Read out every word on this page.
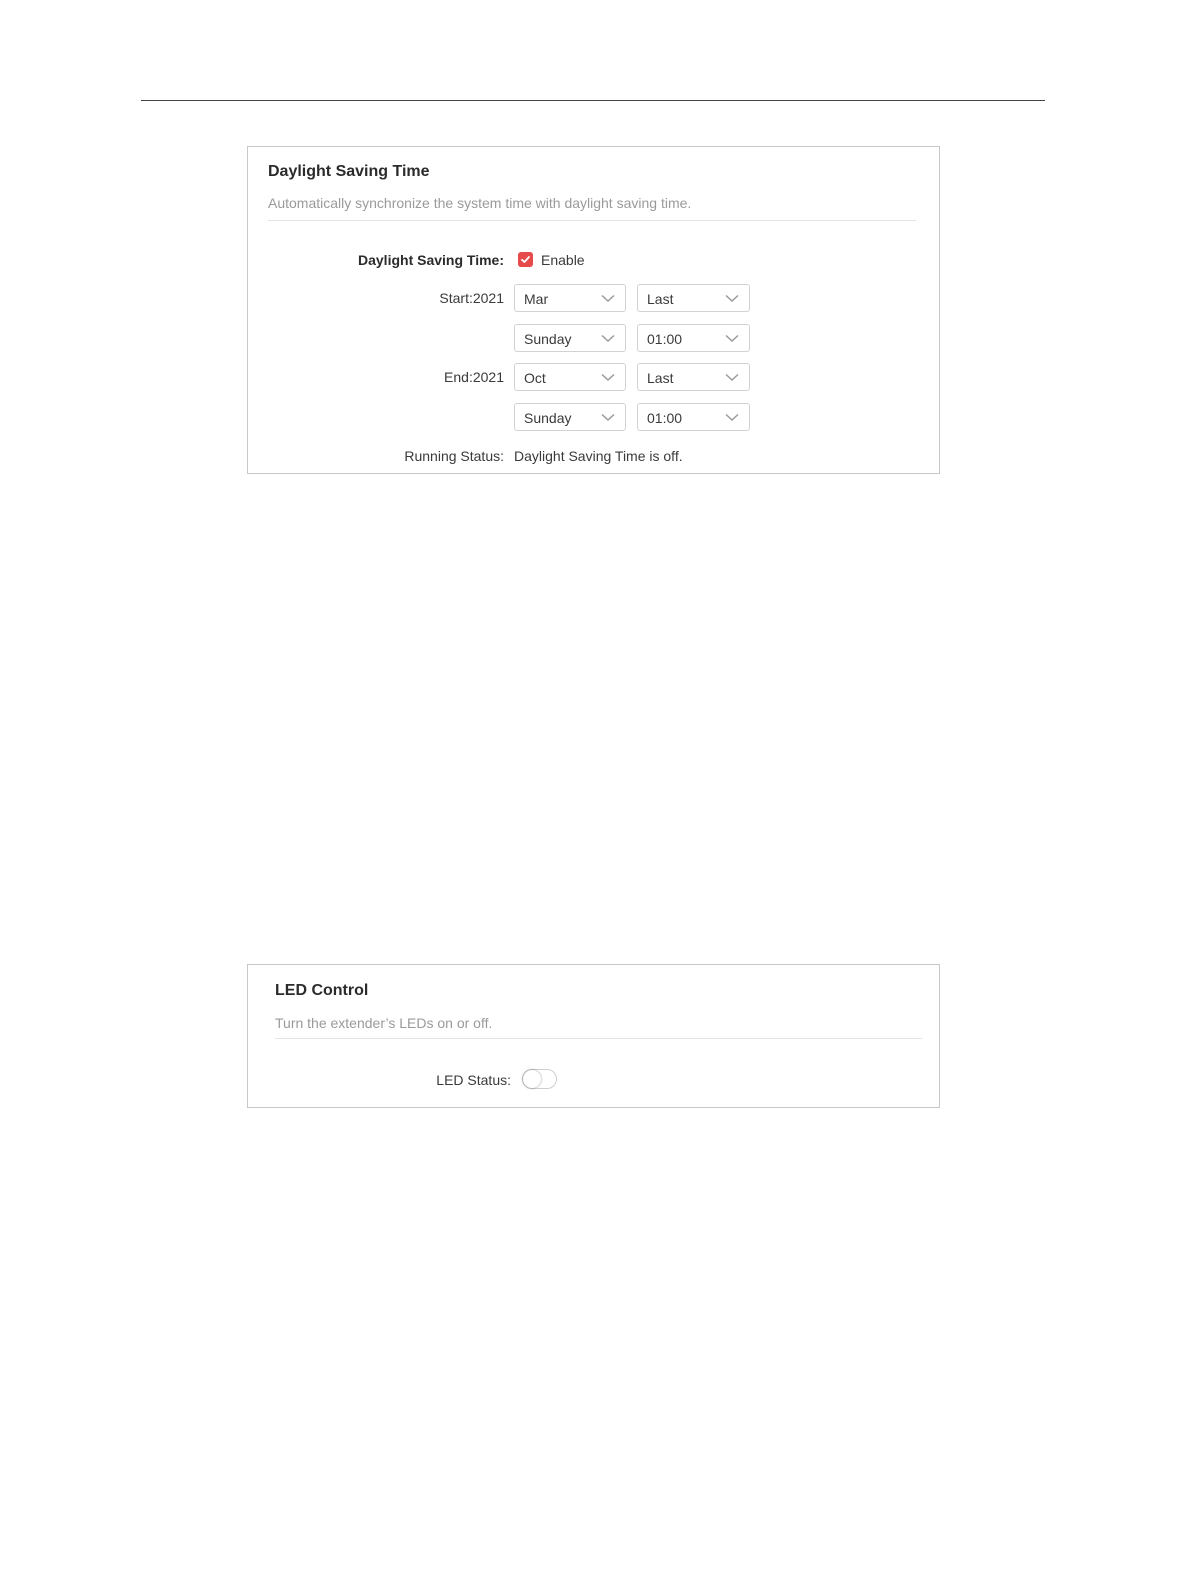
Daylight Saving Time
Automatically synchronize the system time with daylight saving time.
Daylight Saving Time:	Enable
Start:2021 Mar	Last
Sunday	01:00
End:2021 Oct	Last
Sunday	01:00
Running Status: Daylight Saving Time is off.
LED Control
Turn the extender’s LEDs on or off.
LED Status:
